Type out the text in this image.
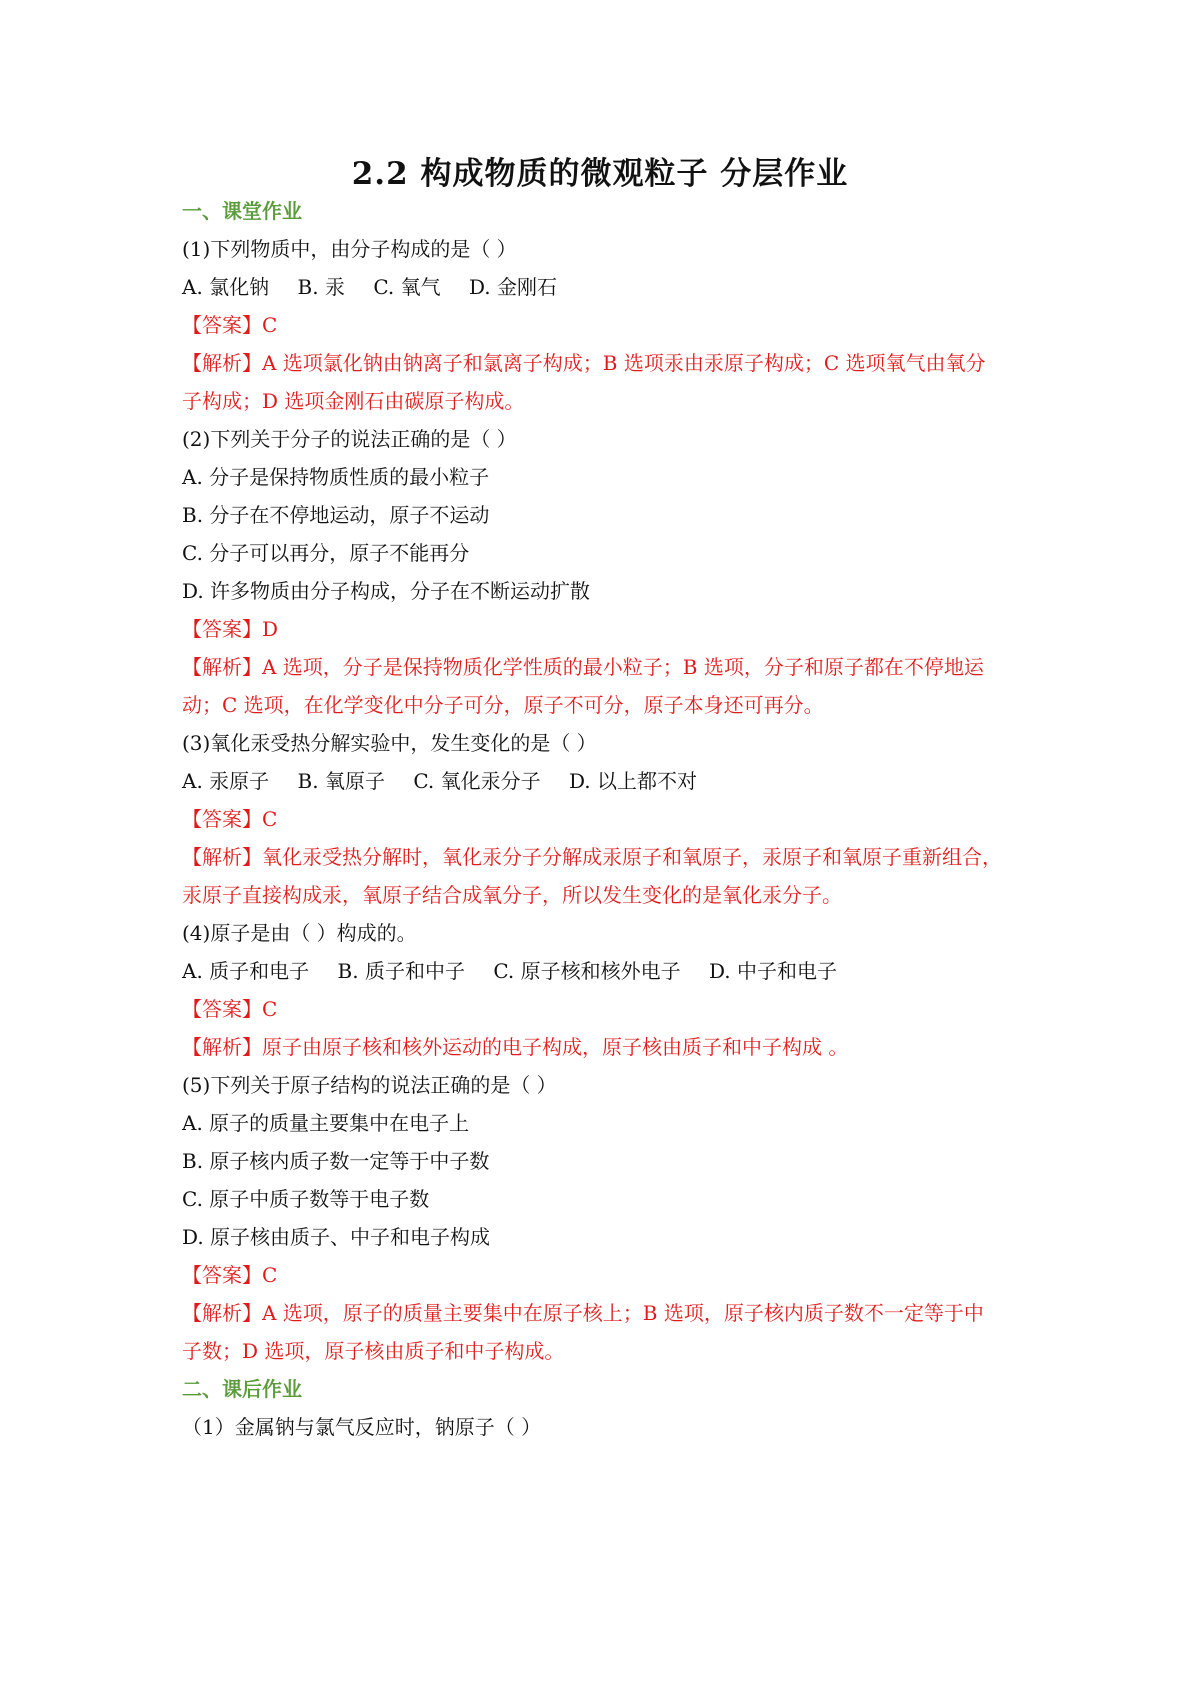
2.2 构成物质的微观粒子 分层作业
一、课堂作业
(1)下列物质中，由分子构成的是（ ）
A. 氯化钠 B. 汞 C. 氧气 D. 金刚石
【答案】C
【解析】A 选项氯化钠由钠离子和氯离子构成；B 选项汞由汞原子构成；C 选项氧气由氧分
子构成；D 选项金刚石由碳原子构成。
(2)下列关于分子的说法正确的是（ ）
A. 分子是保持物质性质的最小粒子
B. 分子在不停地运动，原子不运动
C. 分子可以再分，原子不能再分
D. 许多物质由分子构成，分子在不断运动扩散
【答案】D
【解析】A 选项，分子是保持物质化学性质的最小粒子；B 选项，分子和原子都在不停地运
动；C 选项，在化学变化中分子可分，原子不可分，原子本身还可再分。
(3)氧化汞受热分解实验中，发生变化的是（ ）
A. 汞原子 B. 氧原子 C. 氧化汞分子 D. 以上都不对
【答案】C
【解析】氧化汞受热分解时，氧化汞分子分解成汞原子和氧原子，汞原子和氧原子重新组合，
汞原子直接构成汞，氧原子结合成氧分子，所以发生变化的是氧化汞分子。
(4)原子是由（ ）构成的。
A. 质子和电子 B. 质子和中子 C. 原子核和核外电子 D. 中子和电子
【答案】C
【解析】原子由原子核和核外运动的电子构成，原子核由质子和中子构成 。
(5)下列关于原子结构的说法正确的是（ ）
A. 原子的质量主要集中在电子上
B. 原子核内质子数一定等于中子数
C. 原子中质子数等于电子数
D. 原子核由质子、中子和电子构成
【答案】C
【解析】A 选项，原子的质量主要集中在原子核上；B 选项，原子核内质子数不一定等于中
子数；D 选项，原子核由质子和中子构成。
二、课后作业
（1）金属钠与氯气反应时，钠原子（ ）
